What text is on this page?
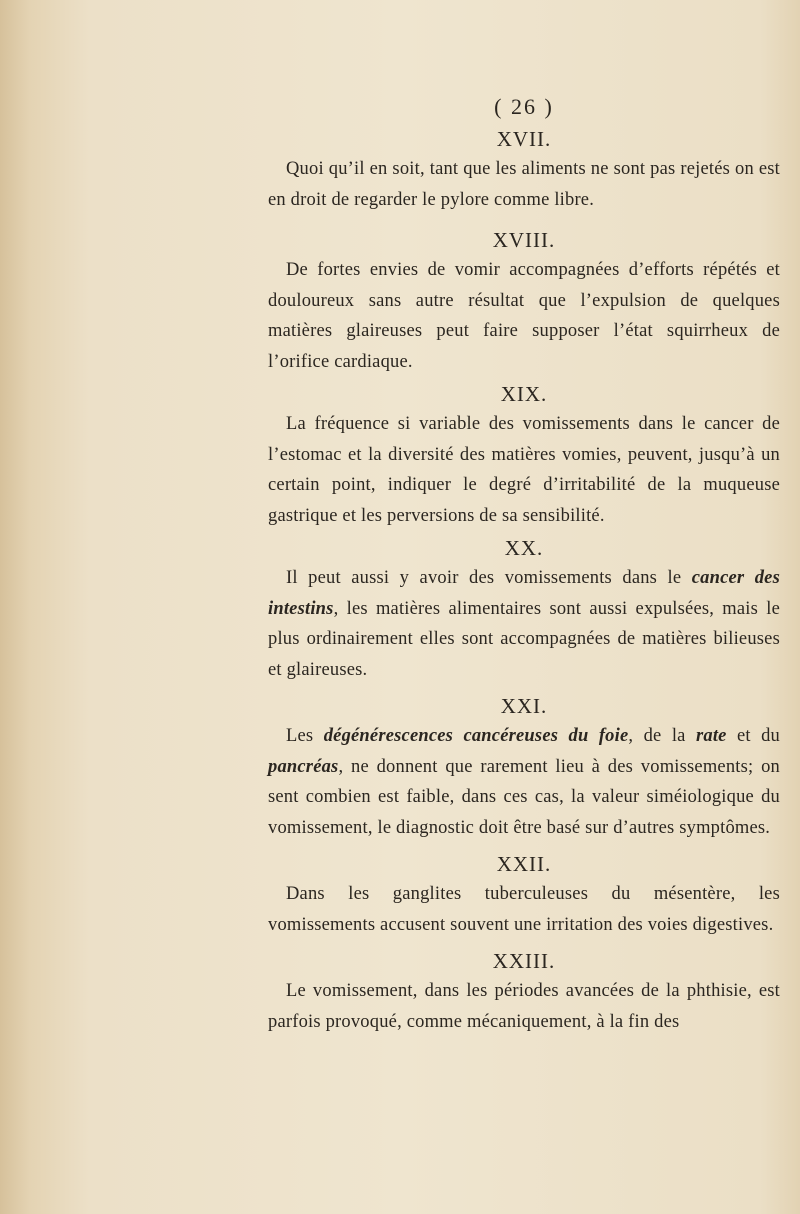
( 26 )
XVII.

Quoi qu’il en soit, tant que les aliments ne sont pas rejetés on est en droit de regarder le pylore comme libre.

XVIII.

De fortes envies de vomir accompagnées d’efforts répétés et douloureux sans autre résultat que l’expulsion de quelques matières glaireuses peut faire supposer l’état squirrheux de l’orifice cardiaque.

XIX.

La fréquence si variable des vomissements dans le cancer de l’estomac et la diversité des matières vomies, peuvent, jusqu’à un certain point, indiquer le degré d’irritabilité de la muqueuse gastrique et les perversions de sa sensibilité.

XX.

Il peut aussi y avoir des vomissements dans le cancer des intestins, les matières alimentaires sont aussi expulsées, mais le plus ordinairement elles sont accompagnées de matières bilieuses et glaireuses.

XXI.

Les dégénérescences cancéreuses du foie, de la rate et du pancréas, ne donnent que rarement lieu à des vomissements; on sent combien est faible, dans ces cas, la valeur siméiologique du vomissement, le diagnostic doit être basé sur d’autres symptômes.

XXII.

Dans les ganglites tuberculeuses du mésentère, les vomissements accusent souvent une irritation des voies digestives.

XXIII.

Le vomissement, dans les périodes avancées de la phthisie, est parfois provoqué, comme mécaniquement, à la fin des
